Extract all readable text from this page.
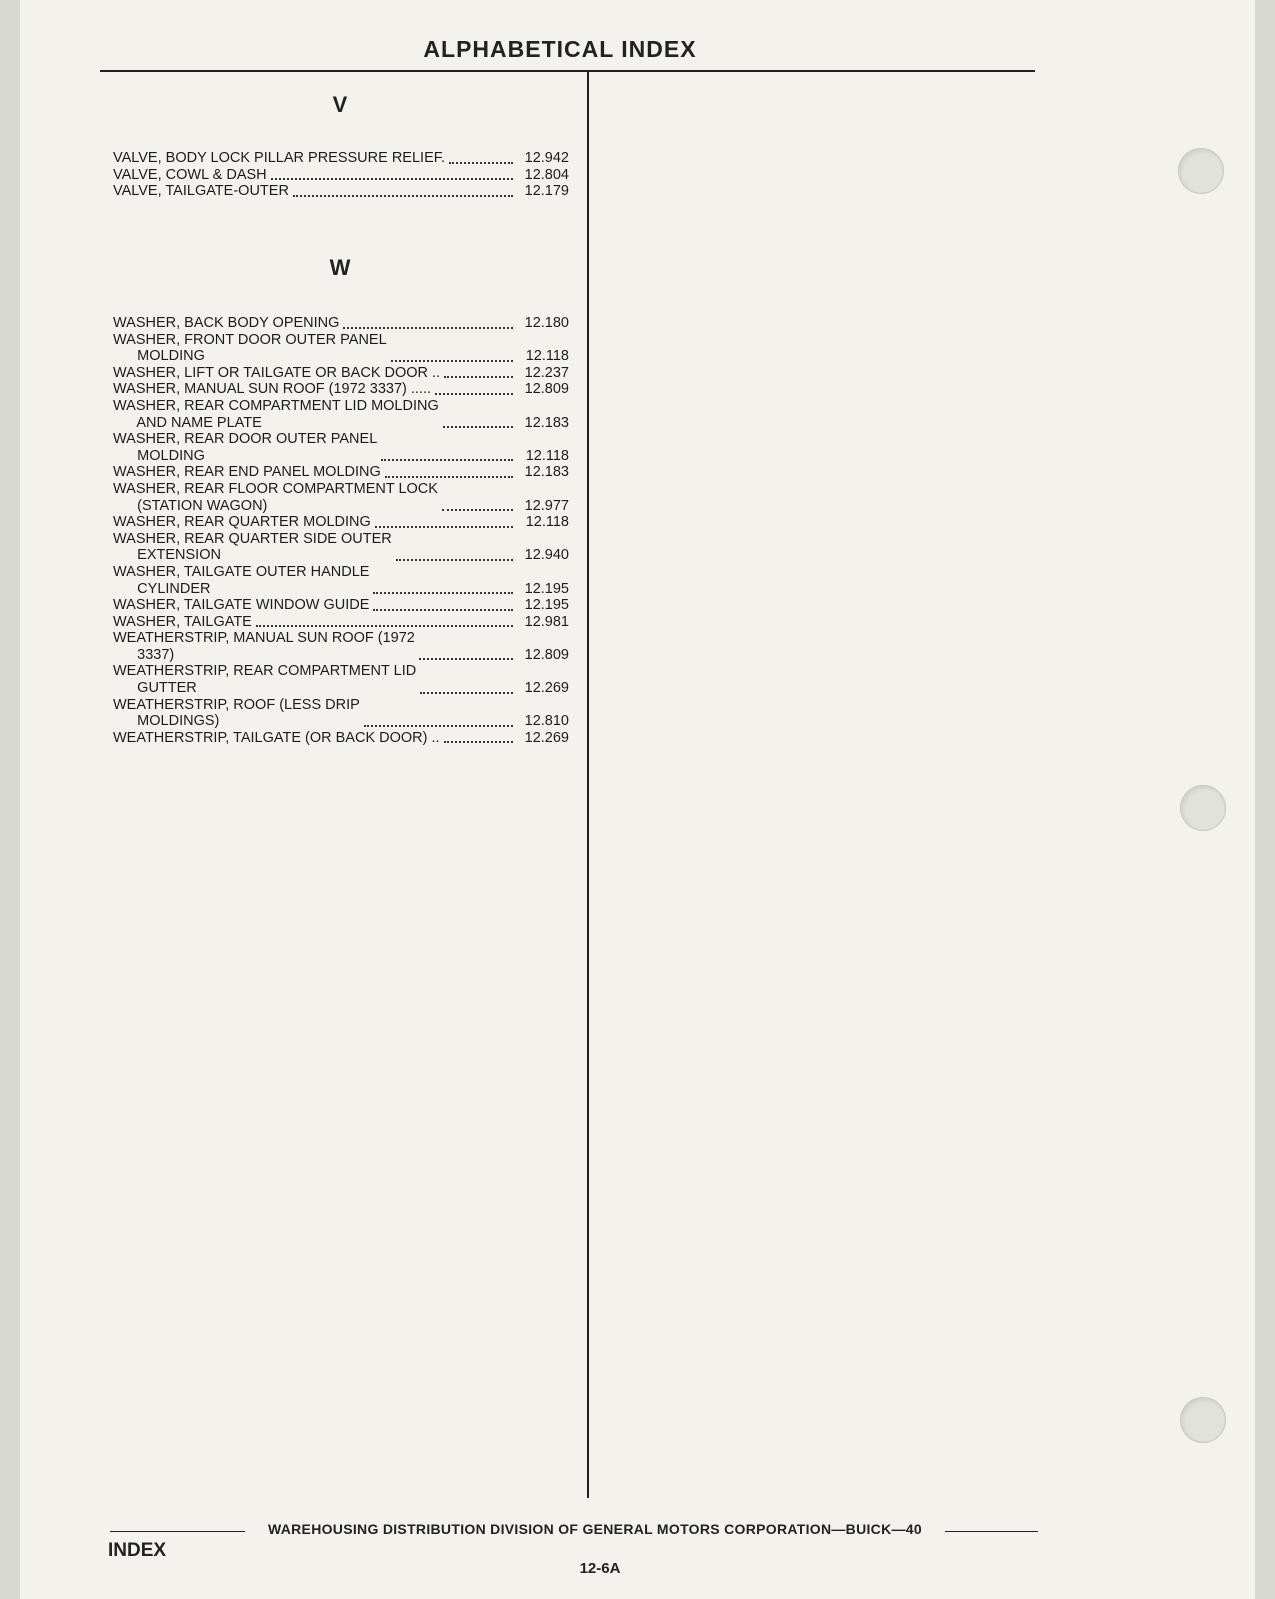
ALPHABETICAL INDEX
V
VALVE, BODY LOCK PILLAR PRESSURE RELIEF.	12.942
VALVE, COWL & DASH	12.804
VALVE, TAILGATE-OUTER	12.179
W
WASHER, BACK BODY OPENING	12.180
WASHER, FRONT DOOR OUTER PANEL
MOLDING	12.118
WASHER, LIFT OR TAILGATE OR BACK DOOR ..	12.237
WASHER, MANUAL SUN ROOF (1972 3337) .....	12.809
WASHER, REAR COMPARTMENT LID MOLDING
AND NAME PLATE	12.183
WASHER, REAR DOOR OUTER PANEL
MOLDING	12.118
WASHER, REAR END PANEL MOLDING	12.183
WASHER, REAR FLOOR COMPARTMENT LOCK
(STATION WAGON)	12.977
WASHER, REAR QUARTER MOLDING	12.118
WASHER, REAR QUARTER SIDE OUTER
EXTENSION	12.940
WASHER, TAILGATE OUTER HANDLE
CYLINDER	12.195
WASHER, TAILGATE WINDOW GUIDE	12.195
WASHER, TAILGATE	12.981
WEATHERSTRIP, MANUAL SUN ROOF (1972
3337)	12.809
WEATHERSTRIP, REAR COMPARTMENT LID
GUTTER	12.269
WEATHERSTRIP, ROOF (LESS DRIP
MOLDINGS)	12.810
WEATHERSTRIP, TAILGATE (OR BACK DOOR) ..	12.269
WAREHOUSING DISTRIBUTION DIVISION OF GENERAL MOTORS CORPORATION—BUICK—40
INDEX
12-6A
